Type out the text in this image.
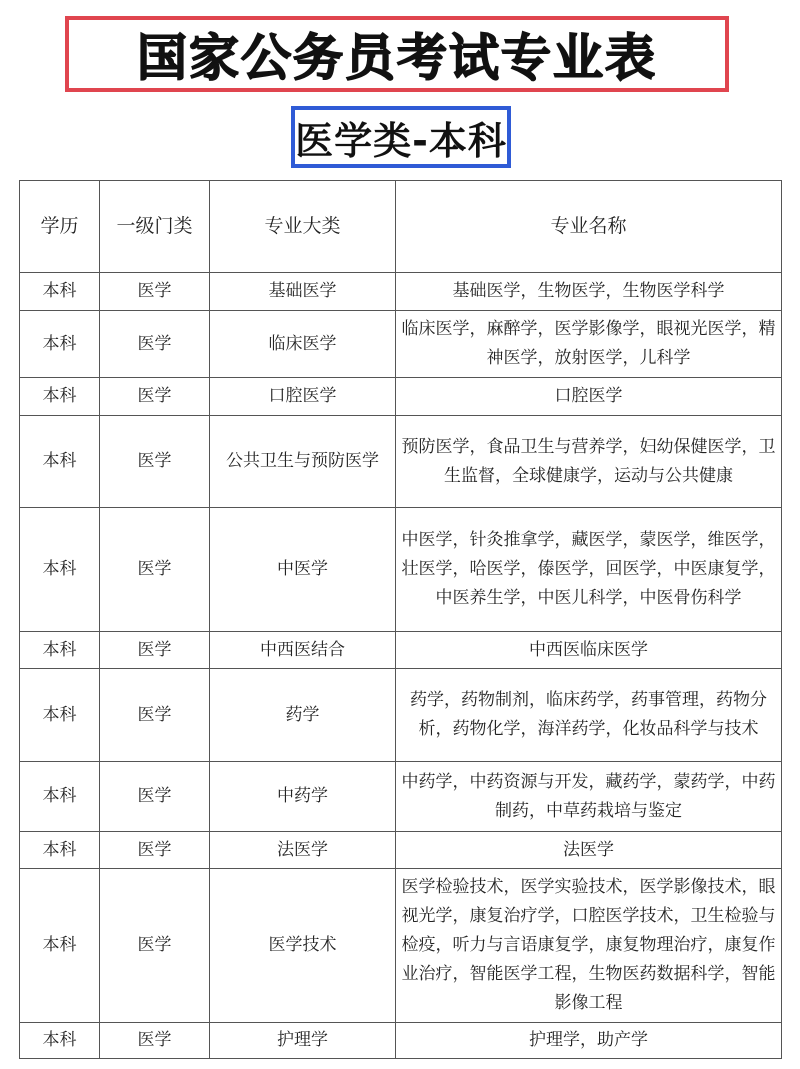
国家公务员考试专业表
医学类-本科
学历	一级门类	专业大类	专业名称
本科	医学	基础医学	基础医学，生物医学，生物医学科学
本科	医学	临床医学	临床医学，麻醉学，医学影像学，眼视光医学，精神医学，放射医学，儿科学
本科	医学	口腔医学	口腔医学
本科	医学	公共卫生与预防医学	预防医学，食品卫生与营养学，妇幼保健医学，卫生监督，全球健康学，运动与公共健康
本科	医学	中医学	中医学，针灸推拿学，藏医学，蒙医学，维医学，壮医学，哈医学，傣医学，回医学，中医康复学，中医养生学，中医儿科学，中医骨伤科学
本科	医学	中西医结合	中西医临床医学
本科	医学	药学	药学，药物制剂，临床药学，药事管理，药物分析，药物化学，海洋药学，化妆品科学与技术
本科	医学	中药学	中药学，中药资源与开发，藏药学，蒙药学，中药制药，中草药栽培与鉴定
本科	医学	法医学	法医学
本科	医学	医学技术	医学检验技术，医学实验技术，医学影像技术，眼视光学，康复治疗学，口腔医学技术，卫生检验与检疫，听力与言语康复学，康复物理治疗，康复作业治疗，智能医学工程，生物医药数据科学，智能影像工程
本科	医学	护理学	护理学，助产学
